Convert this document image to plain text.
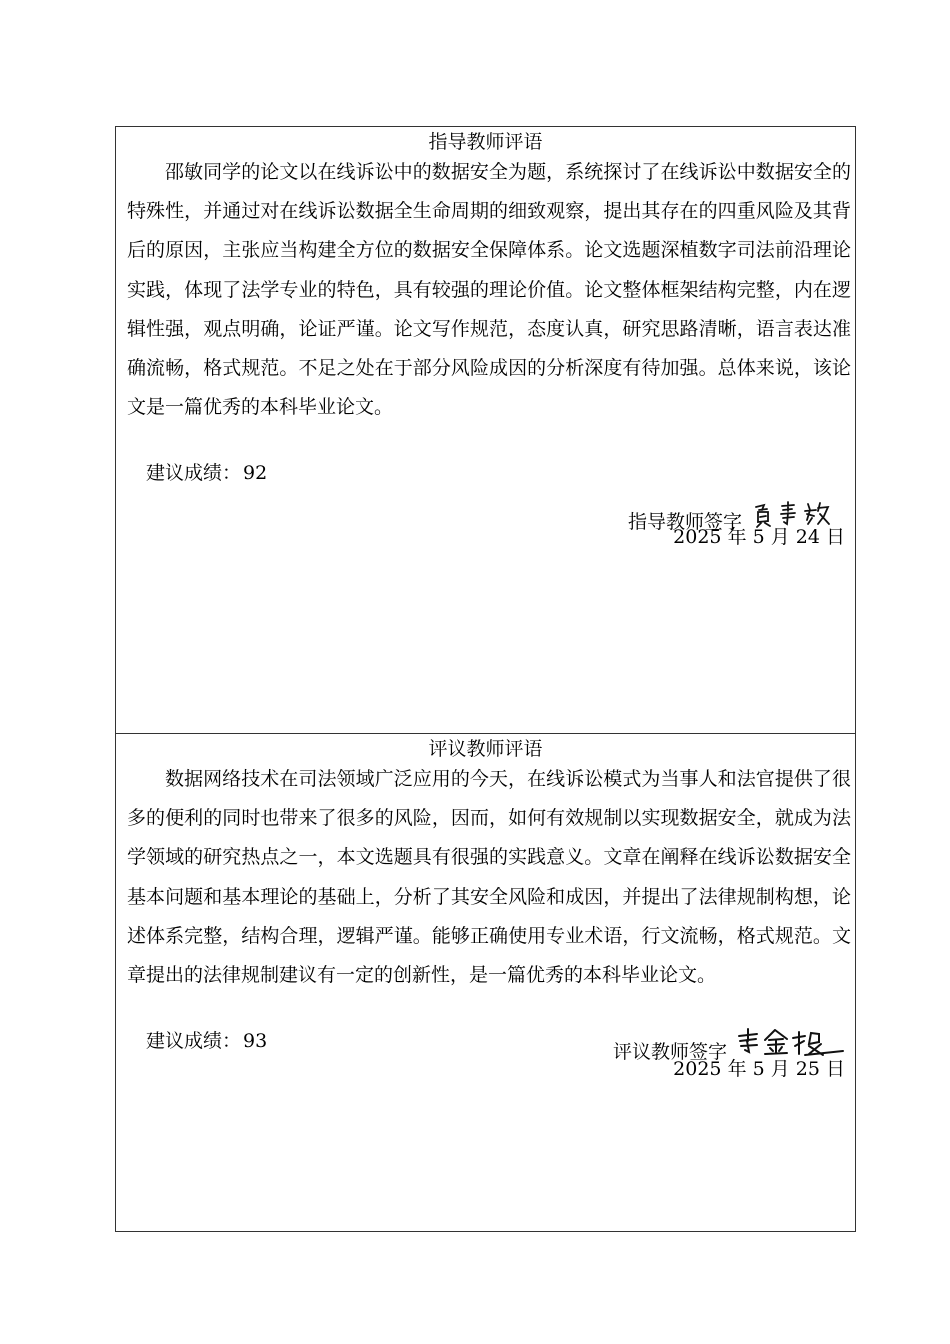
指导教师评语

邵敏同学的论文以在线诉讼中的数据安全为题，系统探讨了在线诉讼中数据安全的特殊性，并通过对在线诉讼数据全生命周期的细致观察，提出其存在的四重风险及其背后的原因，主张应当构建全方位的数据安全保障体系。论文选题深植数字司法前沿理论实践，体现了法学专业的特色，具有较强的理论价值。论文整体框架结构完整，内在逻辑性强，观点明确，论证严谨。论文写作规范，态度认真，研究思路清晰，语言表达准确流畅，格式规范。不足之处在于部分风险成因的分析深度有待加强。总体来说，该论文是一篇优秀的本科毕业论文。

建议成绩： 92
指导教师签字
2025 年 5 月 24 日
评议教师评语

数据网络技术在司法领域广泛应用的今天，在线诉讼模式为当事人和法官提供了很多的便利的同时也带来了很多的风险，因而，如何有效规制以实现数据安全，就成为法学领域的研究热点之一，本文选题具有很强的实践意义。文章在阐释在线诉讼数据安全基本问题和基本理论的基础上，分析了其安全风险和成因，并提出了法律规制构想，论述体系完整，结构合理，逻辑严谨。能够正确使用专业术语，行文流畅，格式规范。文章提出的法律规制建议有一定的创新性，是一篇优秀的本科毕业论文。

建议成绩： 93	评议教师签字
2025 年 5 月 25 日
